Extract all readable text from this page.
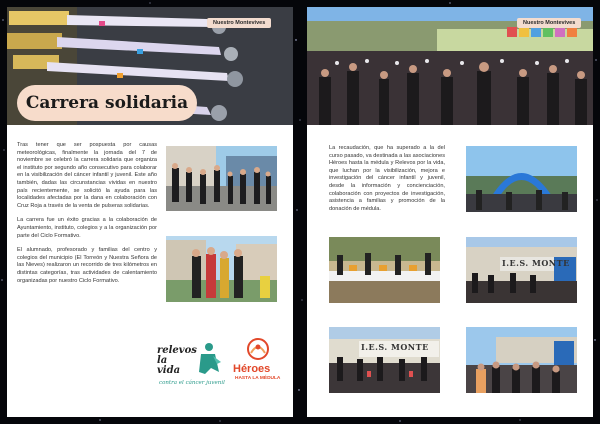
Nuestro Montevives
Carrera solidaria

Tras tener que ser pospuesta por causas meteorológicas, finalmente la jornada del 7 de noviembre se celebró la carrera solidaria que organiza el instituto por segundo año consecutivo para colaborar en la visibilización del cáncer infantil y juvenil. Este año también, dadas las circunstancias vividas en nuestro país recientemente, se solicitó la ayuda para las localidades afectadas por la dana en colaboración con Cruz Roja a través de la venta de pulseras solidarias.

La carrera fue un éxito gracias a la colaboración de Ayuntamiento, instituto, colegios y a la organización por parte del Ciclo Formativo.

El alumnado, profesorado y familias del centro y colegios del municipio (El Torreón y Nuestra Señora de las Nieves) realizaron un recorrido de tres kilómetros en distintas categorías, tras actividades de calentamiento organizadas por nuestro Ciclo Formativo.

relevos la vida
contra el cáncer juvenil
Héroes
HASTA LA MÉDULA
Nuestro Montevives

La recaudación, que ha superado a la del curso pasado, va destinada a las asociaciones Héroes hasta la médula y Relevos por la vida, que luchan por la visibilización, mejora e investigación del cáncer infantil y juvenil, desde la información y concienciación, colaboración con proyectos de investigación, asistencia a familias y promoción de la donación de médula.

I.E.S. MONTE
I.E.S. MONTE
